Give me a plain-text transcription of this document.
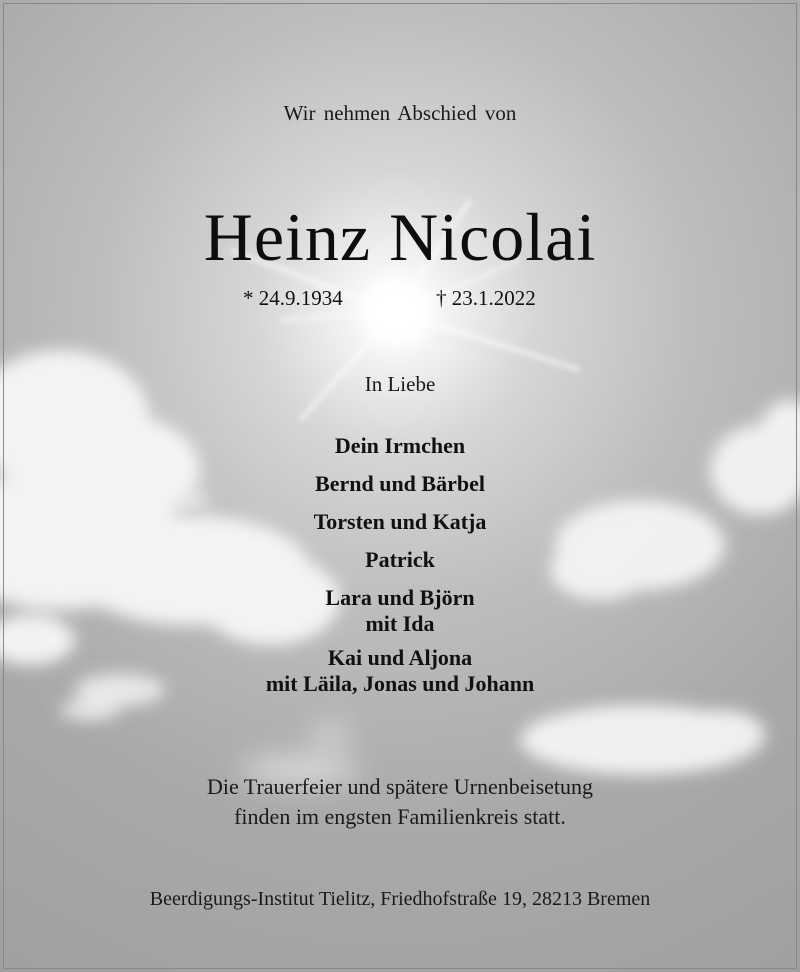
Wir nehmen Abschied von
Heinz Nicolai
* 24.9.1934	† 23.1.2022
In Liebe
Dein Irmchen
Bernd und Bärbel
Torsten und Katja
Patrick
Lara und Björn
mit Ida
Kai und Aljona
mit Läila, Jonas und Johann
Die Trauerfeier und spätere Urnenbeisetung
finden im engsten Familienkreis statt.
Beerdigungs-Institut Tielitz, Friedhofstraße 19, 28213 Bremen
